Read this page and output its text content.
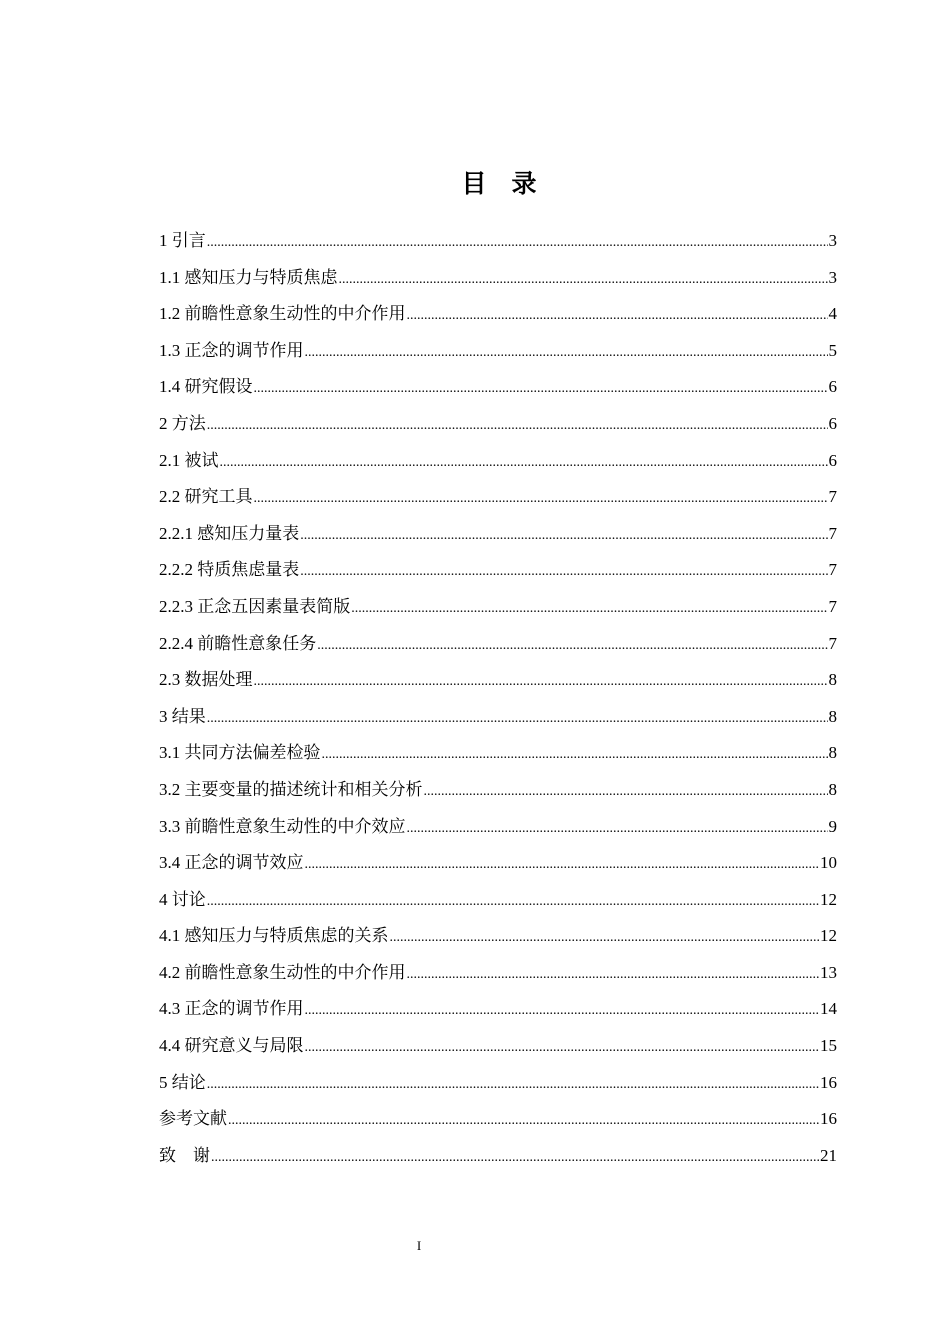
目　录
1 引言 .....	3
1.1 感知压力与特质焦虑 .....	3
1.2 前瞻性意象生动性的中介作用 .....	4
1.3 正念的调节作用 .....	5
1.4 研究假设 .....	6
2 方法 .....	6
2.1 被试 .....	6
2.2 研究工具 .....	7
2.2.1 感知压力量表 .....	7
2.2.2 特质焦虑量表 .....	7
2.2.3 正念五因素量表简版 .....	7
2.2.4 前瞻性意象任务 .....	7
2.3 数据处理 .....	8
3 结果 .....	8
3.1 共同方法偏差检验 .....	8
3.2 主要变量的描述统计和相关分析 .....	8
3.3 前瞻性意象生动性的中介效应 .....	9
3.4 正念的调节效应 .....	10
4 讨论 .....	12
4.1 感知压力与特质焦虑的关系 .....	12
4.2 前瞻性意象生动性的中介作用 .....	13
4.3 正念的调节作用 .....	14
4.4 研究意义与局限 .....	15
5 结论 .....	16
参考文献 .....	16
致　谢 .....	21
I
